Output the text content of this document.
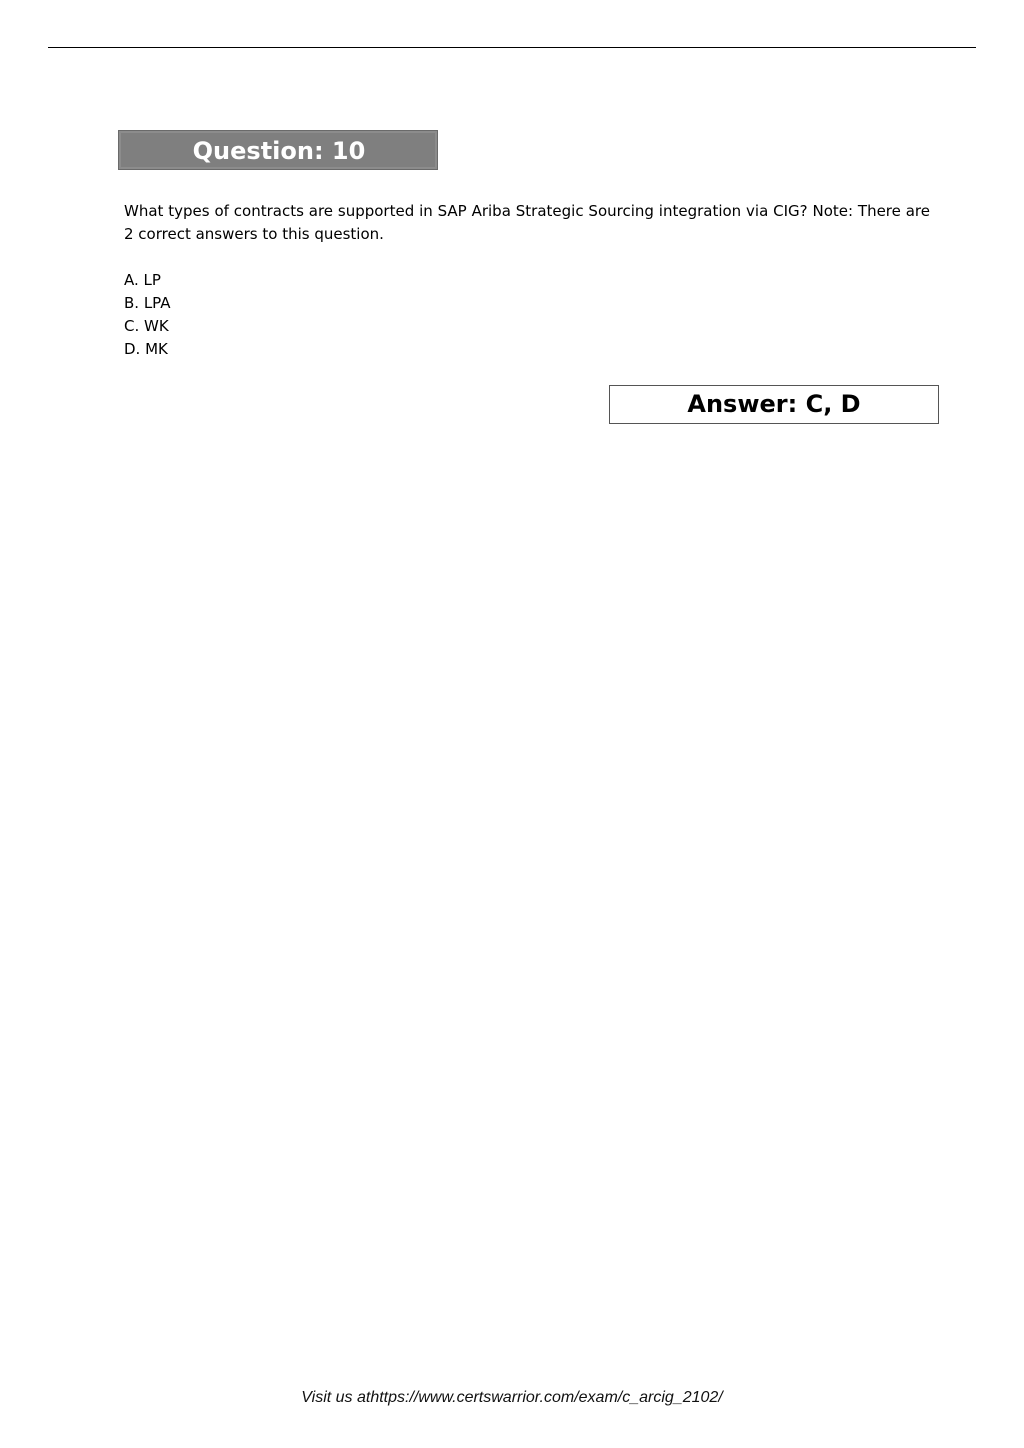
Question: 10

What types of contracts are supported in SAP Ariba Strategic Sourcing integration via CIG? Note: There are 2 correct answers to this question.

A. LP
B. LPA
C. WK
D. MK
Answer: C, D
Visit us athttps://www.certswarrior.com/exam/c_arcig_2102/
